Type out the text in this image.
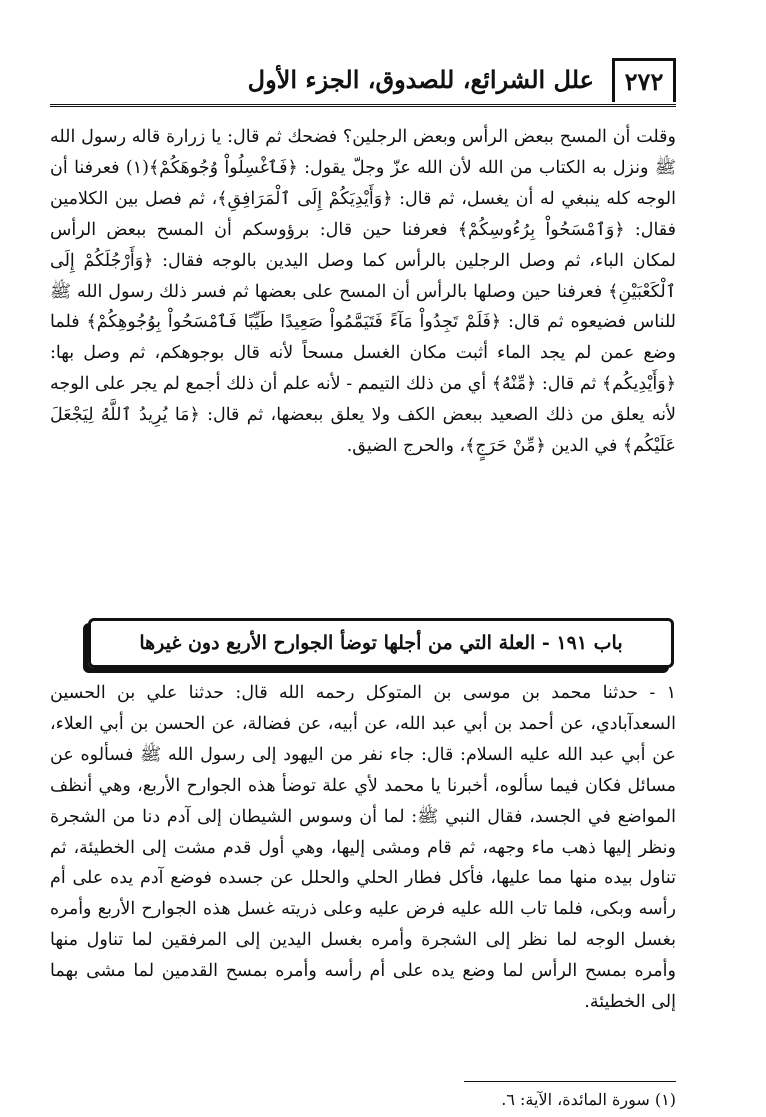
٢٧٢
علل الشرائع، للصدوق، الجزء الأول

وقلت أن المسح ببعض الرأس وبعض الرجلين؟ فضحك ثم قال: يا زرارة قاله رسول الله ﷺ ونزل به الكتاب من الله لأن الله عزّ وجلّ يقول: ﴿فَٱغْسِلُواْ وُجُوهَكُمْ﴾(١) فعرفنا أن الوجه كله ينبغي له أن يغسل، ثم قال: ﴿وَأَيْدِيَكُمْ إِلَى ٱلْمَرَافِقِ﴾، ثم فصل بين الكلامين فقال: ﴿وَٱمْسَحُواْ بِرُءُوسِكُمْ﴾ فعرفنا حين قال: برؤوسكم أن المسح ببعض الرأس لمكان الباء، ثم وصل الرجلين بالرأس كما وصل اليدين بالوجه فقال: ﴿وَأَرْجُلَكُمْ إِلَى ٱلْكَعْبَيْنِ﴾ فعرفنا حين وصلها بالرأس أن المسح على بعضها ثم فسر ذلك رسول الله ﷺ للناس فضيعوه ثم قال: ﴿فَلَمْ تَجِدُواْ مَآءً فَتَيَمَّمُواْ صَعِيدًا طَيِّبًا فَٱمْسَحُواْ بِوُجُوهِكُمْ﴾ فلما وضع عمن لم يجد الماء أثبت مكان الغسل مسحاً لأنه قال بوجوهكم، ثم وصل بها: ﴿وَأَيْدِيكُم﴾ ثم قال: ﴿مِّنْهُ﴾ أي من ذلك التيمم - لأنه علم أن ذلك أجمع لم يجر على الوجه لأنه يعلق من ذلك الصعيد ببعض الكف ولا يعلق ببعضها، ثم قال: ﴿مَا يُرِيدُ ٱللَّهُ لِيَجْعَلَ عَلَيْكُم﴾ في الدين ﴿مِّنْ حَرَجٍ﴾، والحرج الضيق.

باب ١٩١ - العلة التي من أجلها توضأ الجوارح الأربع دون غيرها

١ - حدثنا محمد بن موسى بن المتوكل رحمه الله قال: حدثنا علي بن الحسين السعدآبادي، عن أحمد بن أبي عبد الله، عن أبيه، عن فضالة، عن الحسن بن أبي العلاء، عن أبي عبد الله عليه السلام: قال: جاء نفر من اليهود إلى رسول الله ﷺ فسألوه عن مسائل فكان فيما سألوه، أخبرنا يا محمد لأي علة توضأ هذه الجوارح الأربع، وهي أنظف المواضع في الجسد، فقال النبي ﷺ: لما أن وسوس الشيطان إلى آدم دنا من الشجرة ونظر إليها ذهب ماء وجهه، ثم قام ومشى إليها، وهي أول قدم مشت إلى الخطيئة، ثم تناول بيده منها مما عليها، فأكل فطار الحلي والحلل عن جسده فوضع آدم يده على أم رأسه وبكى، فلما تاب الله عليه فرض عليه وعلى ذريته غسل هذه الجوارح الأربع وأمره بغسل الوجه لما نظر إلى الشجرة وأمره بغسل اليدين إلى المرفقين لما تناول منها وأمره بمسح الرأس لما وضع يده على أم رأسه وأمره بمسح القدمين لما مشى بهما إلى الخطيئة.

(١) سورة المائدة، الآية: ٦.
